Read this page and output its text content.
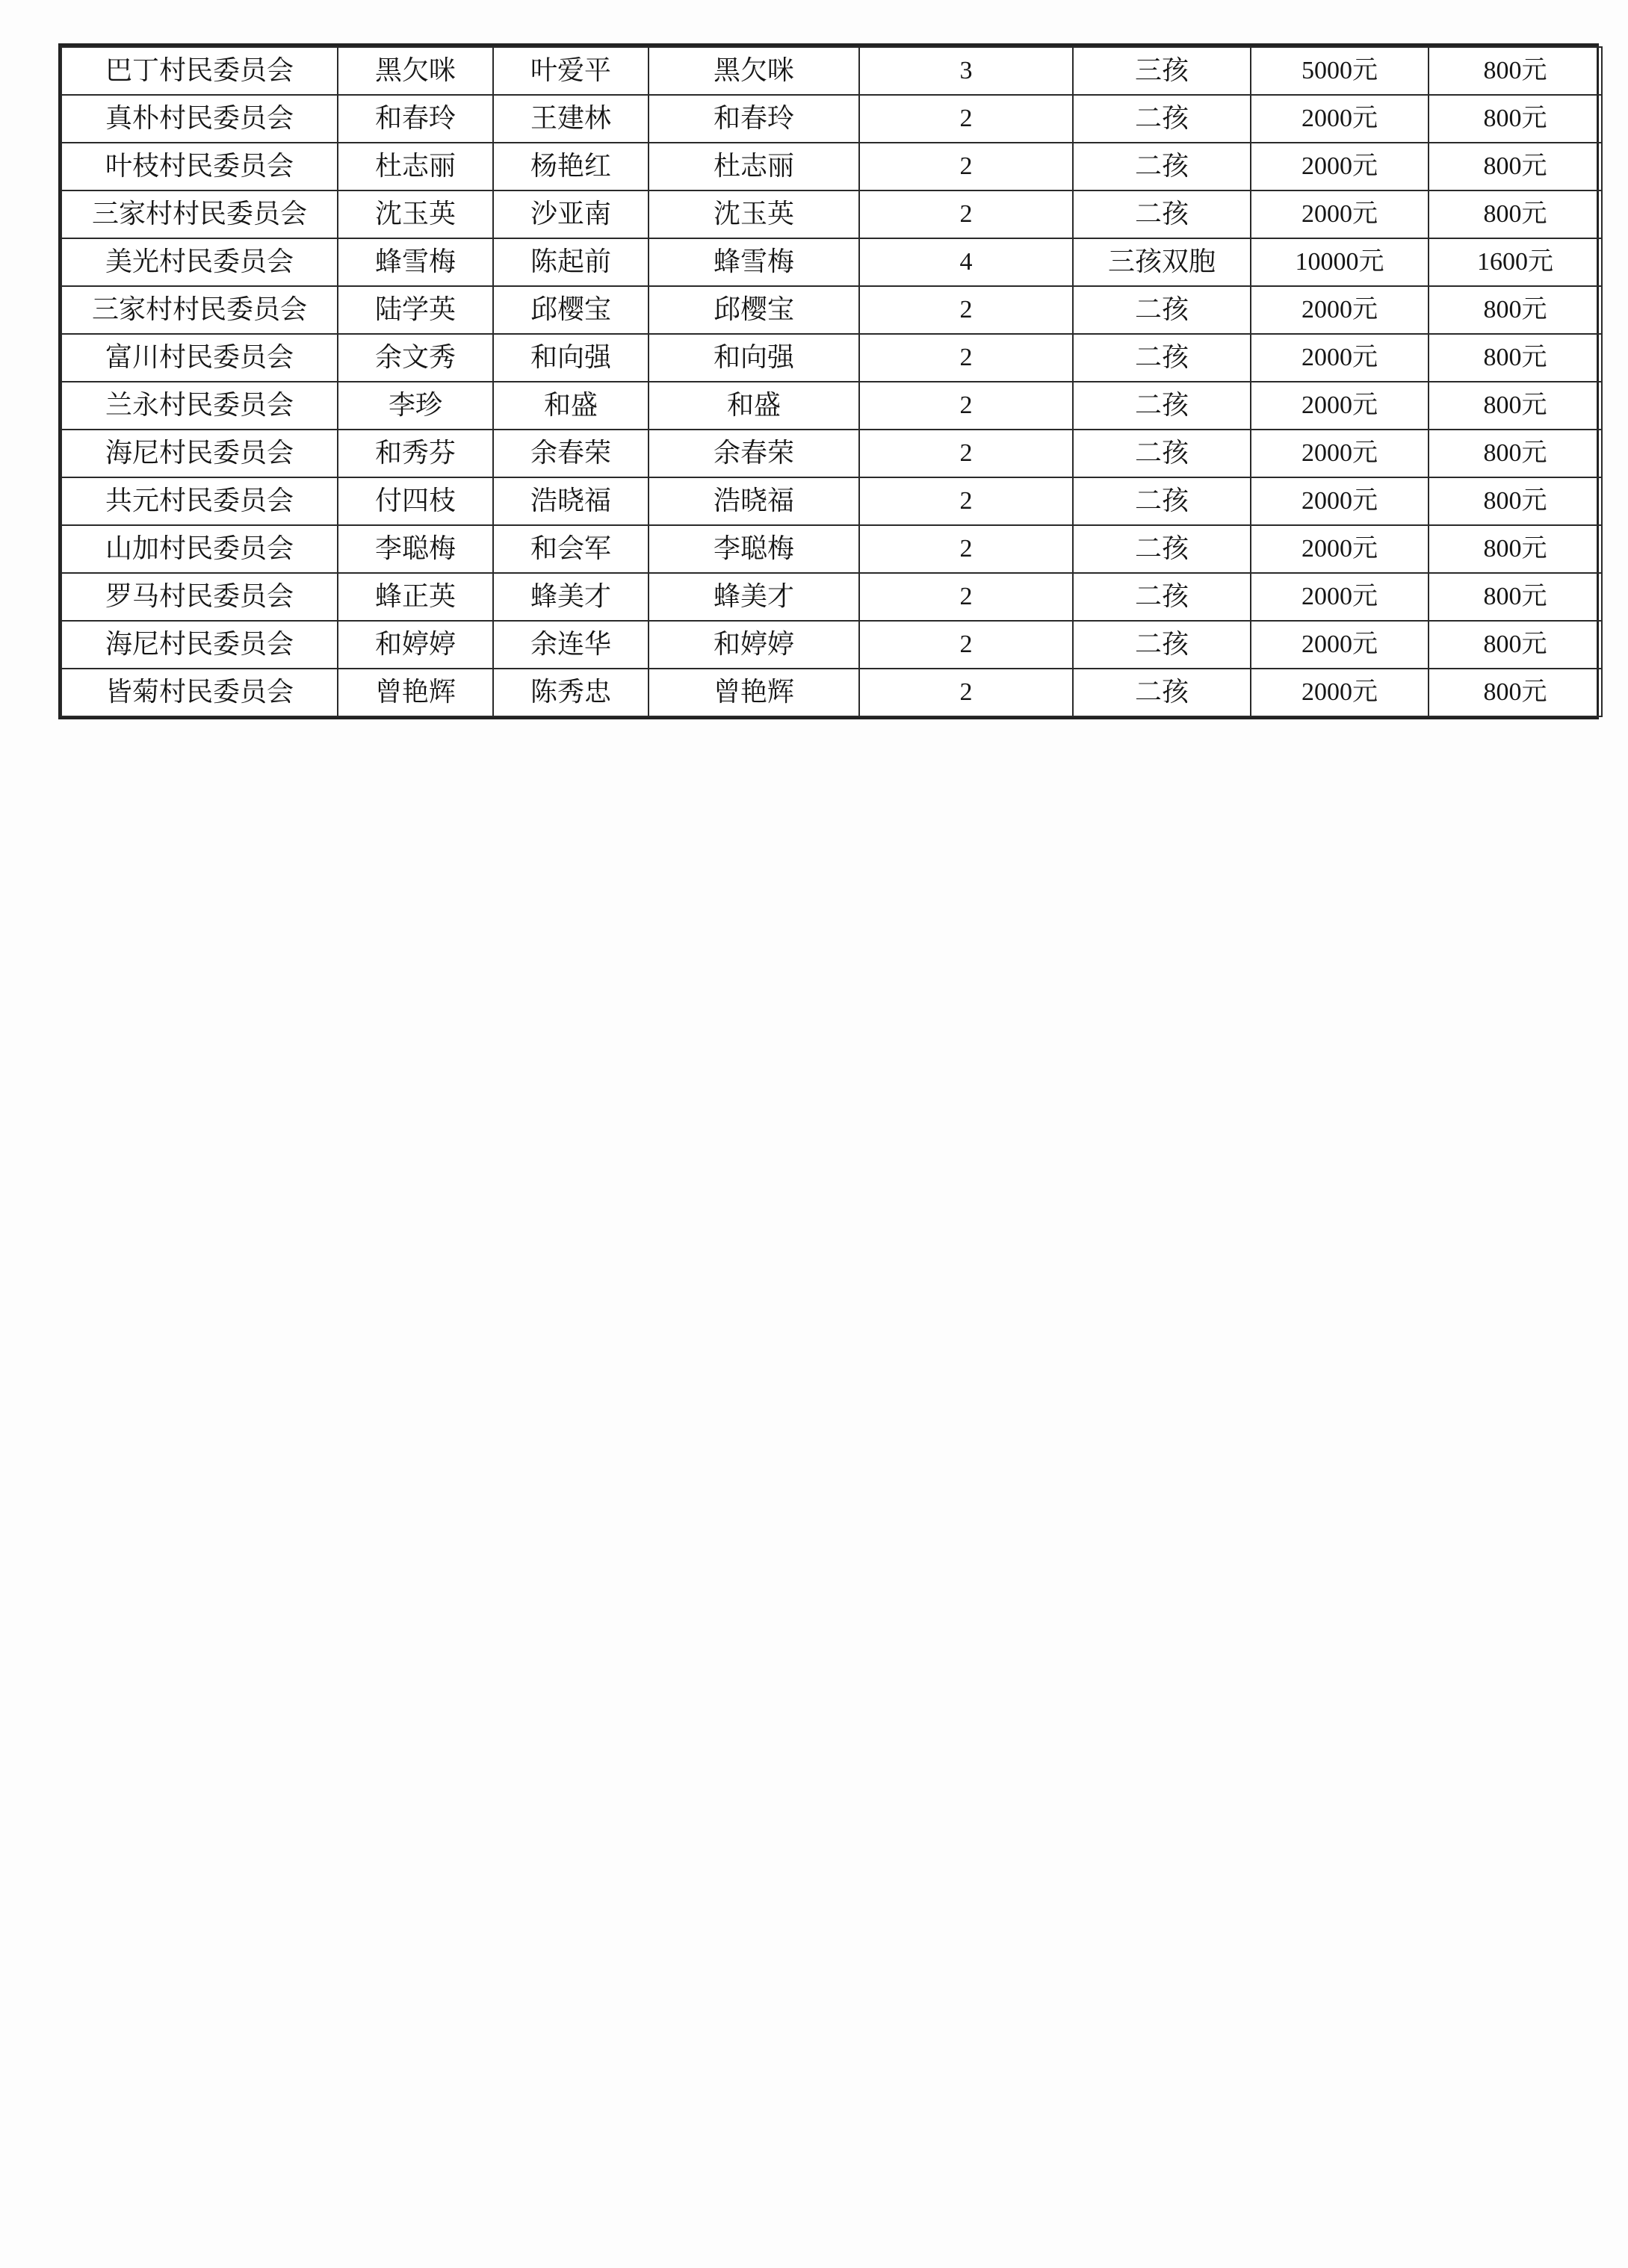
巴丁村民委员会	黑欠咪	叶爱平	黑欠咪	3	三孩	5000元	800元
真朴村民委员会	和春玲	王建林	和春玲	2	二孩	2000元	800元
叶枝村民委员会	杜志丽	杨艳红	杜志丽	2	二孩	2000元	800元
三家村村民委员会	沈玉英	沙亚南	沈玉英	2	二孩	2000元	800元
美光村民委员会	蜂雪梅	陈起前	蜂雪梅	4	三孩双胞	10000元	1600元
三家村村民委员会	陆学英	邱樱宝	邱樱宝	2	二孩	2000元	800元
富川村民委员会	余文秀	和向强	和向强	2	二孩	2000元	800元
兰永村民委员会	李珍	和盛	和盛	2	二孩	2000元	800元
海尼村民委员会	和秀芬	余春荣	余春荣	2	二孩	2000元	800元
共元村民委员会	付四枝	浩晓福	浩晓福	2	二孩	2000元	800元
山加村民委员会	李聪梅	和会军	李聪梅	2	二孩	2000元	800元
罗马村民委员会	蜂正英	蜂美才	蜂美才	2	二孩	2000元	800元
海尼村民委员会	和婷婷	余连华	和婷婷	2	二孩	2000元	800元
皆菊村民委员会	曾艳辉	陈秀忠	曾艳辉	2	二孩	2000元	800元
